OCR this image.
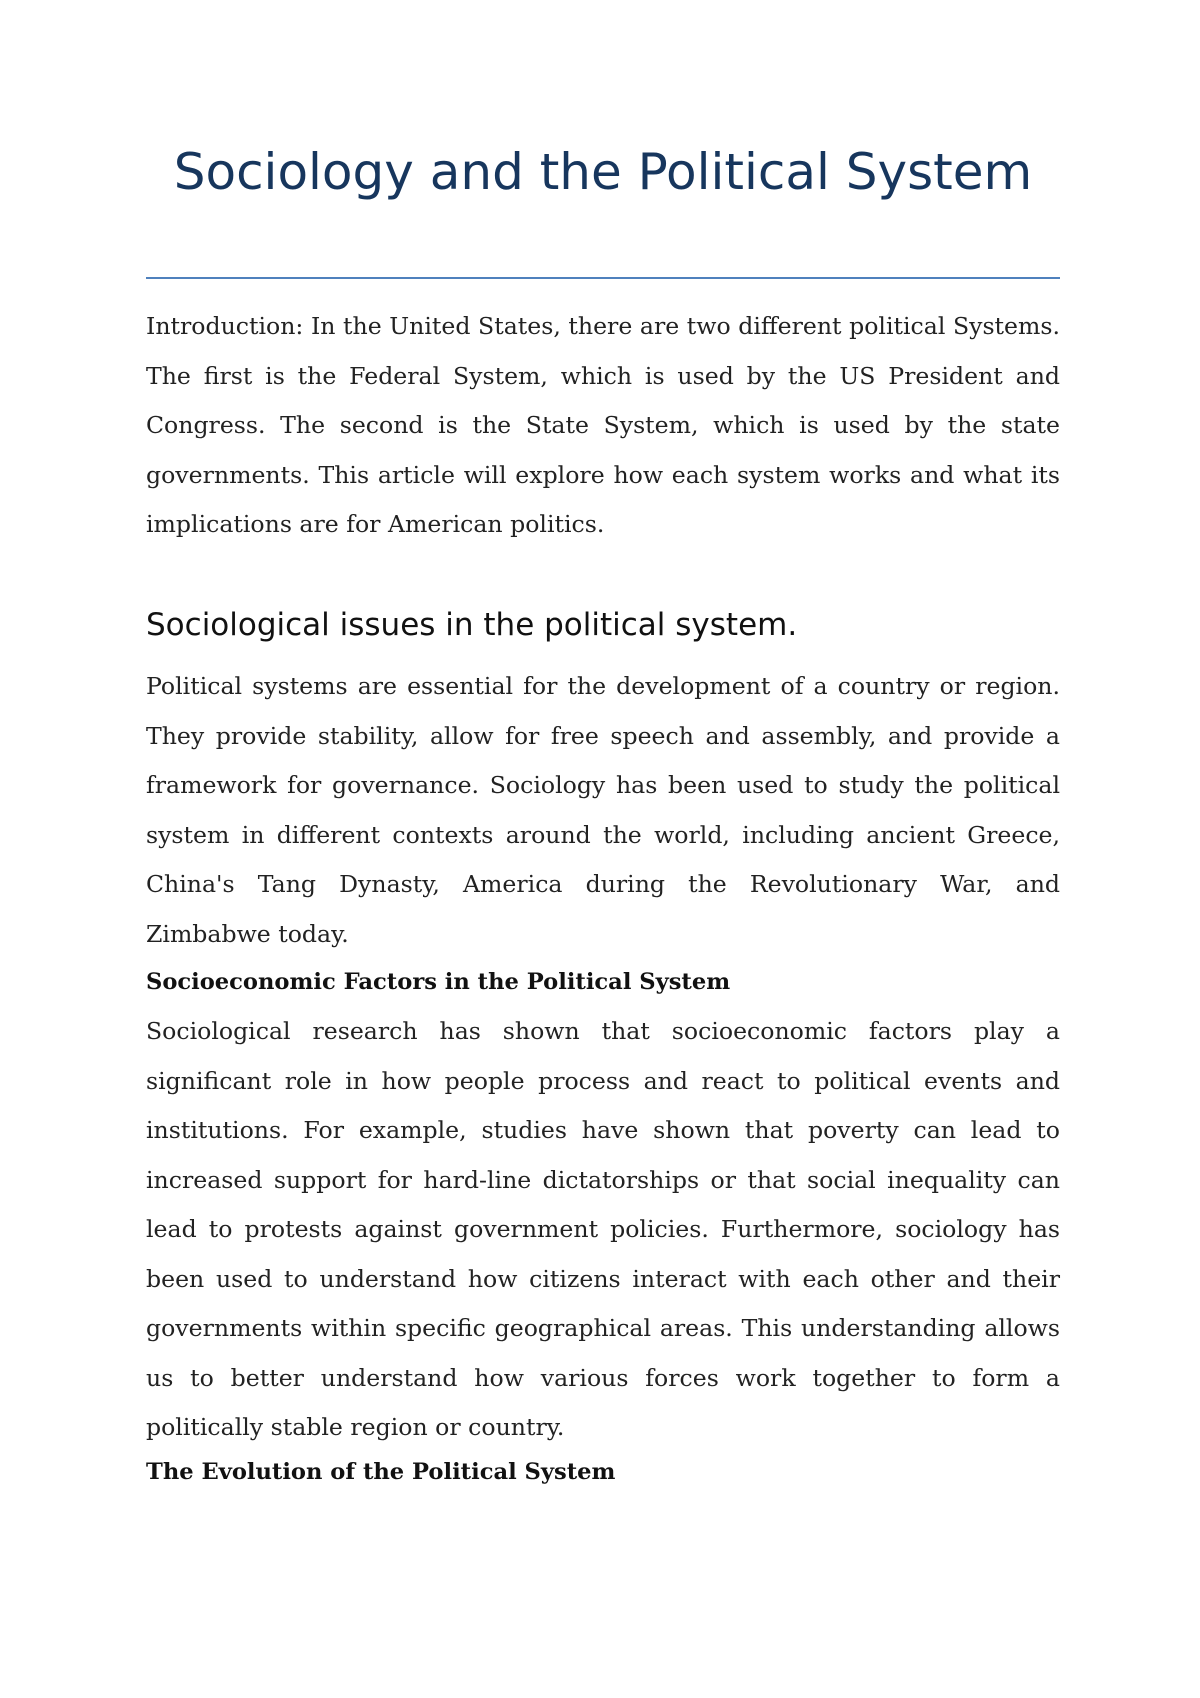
Sociology and the Political System

Introduction: In the United States, there are two different political Systems. The first is the Federal System, which is used by the US President and Congress. The second is the State System, which is used by the state governments. This article will explore how each system works and what its implications are for American politics.

Sociological issues in the political system.

Political systems are essential for the development of a country or region. They provide stability, allow for free speech and assembly, and provide a framework for governance. Sociology has been used to study the political system in different contexts around the world, including ancient Greece, China's Tang Dynasty, America during the Revolutionary War, and Zimbabwe today.

Socioeconomic Factors in the Political System

Sociological research has shown that socioeconomic factors play a significant role in how people process and react to political events and institutions. For example, studies have shown that poverty can lead to increased support for hard-line dictatorships or that social inequality can lead to protests against government policies. Furthermore, sociology has been used to understand how citizens interact with each other and their governments within specific geographical areas. This understanding allows us to better understand how various forces work together to form a politically stable region or country.

The Evolution of the Political System
